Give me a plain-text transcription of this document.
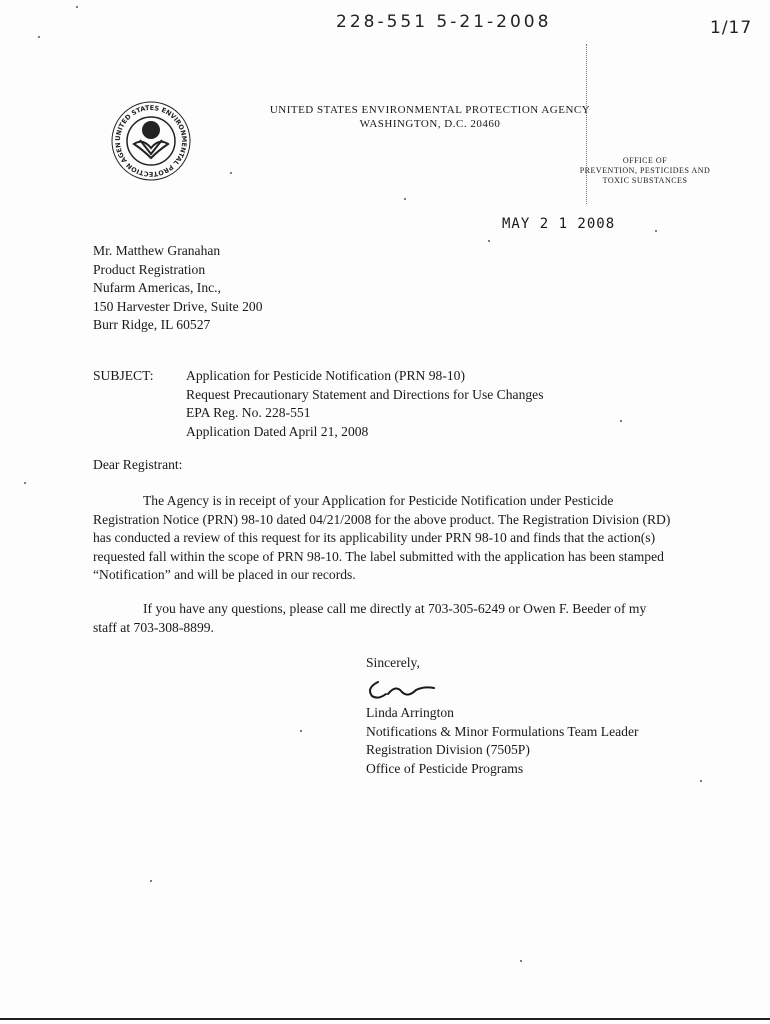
228-551 5-21-2008	1/17
UNITED STATES ENVIRONMENTAL PROTECTION AGEN
UNITED STATES ENVIRONMENTAL PROTECTION AGENCY
WASHINGTON, D.C. 20460
OFFICE OF
PREVENTION, PESTICIDES AND
TOXIC SUBSTANCES
MAY 2 1 2008
Mr. Matthew Granahan
Product Registration
Nufarm Americas, Inc.,
150 Harvester Drive, Suite 200
Burr Ridge, IL 60527
SUBJECT: Application for Pesticide Notification (PRN 98-10)
Request Precautionary Statement and Directions for Use Changes
EPA Reg. No. 228-551
Application Dated April 21, 2008
Dear Registrant:
The Agency is in receipt of your Application for Pesticide Notification under Pesticide Registration Notice (PRN) 98-10 dated 04/21/2008 for the above product. The Registration Division (RD) has conducted a review of this request for its applicability under PRN 98-10 and finds that the action(s) requested fall within the scope of PRN 98-10. The label submitted with the application has been stamped “Notification” and will be placed in our records.
If you have any questions, please call me directly at 703-305-6249 or Owen F. Beeder of my staff at 703-308-8899.
Sincerely,
Linda Arrington
Notifications & Minor Formulations Team Leader
Registration Division (7505P)
Office of Pesticide Programs
